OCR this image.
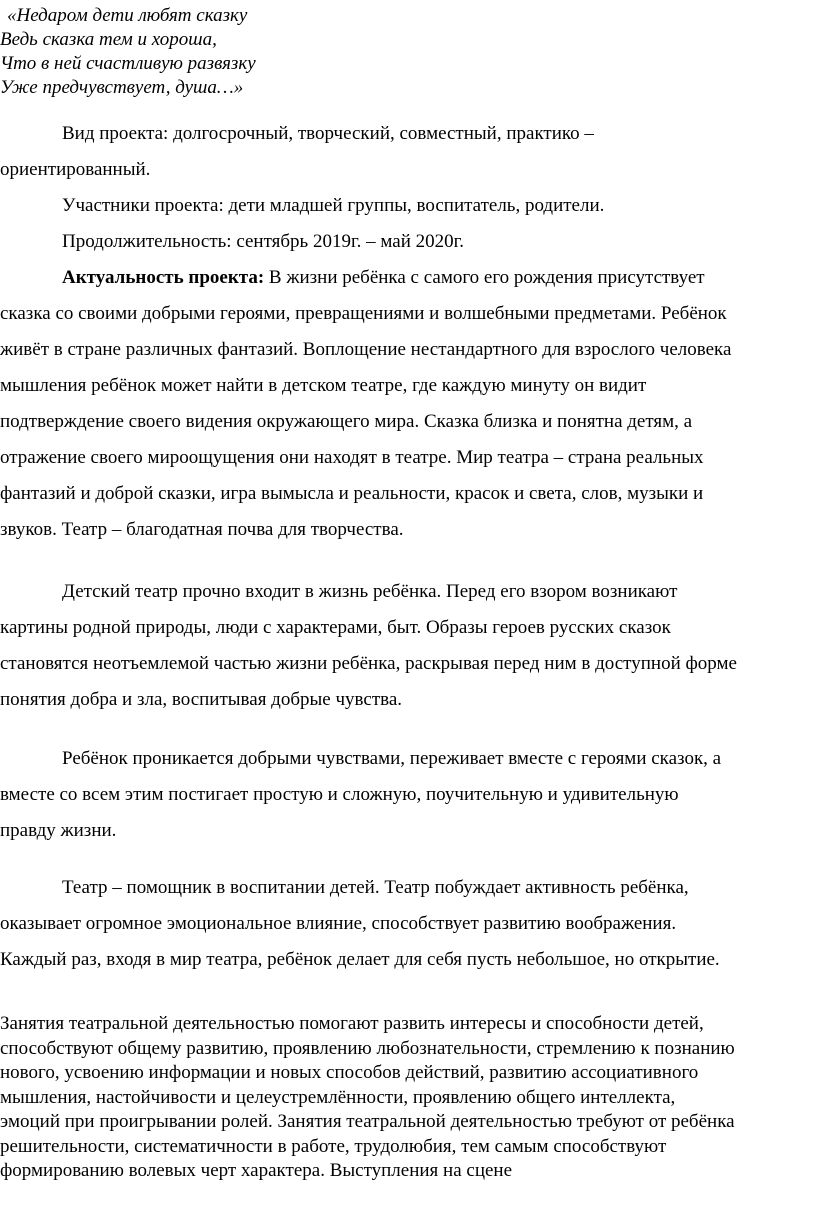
«Недаром дети любят сказку
Ведь сказка тем и хороша,
Что в ней счастливую развязку
Уже предчувствует, душа…»
Вид проекта: долгосрочный, творческий, совместный, практико –
ориентированный.
Участники проекта: дети младшей группы, воспитатель, родители.
Продолжительность: сентябрь 2019г. – май 2020г.
Актуальность проекта: В жизни ребёнка с самого его рождения присутствует
сказка со своими добрыми героями, превращениями и волшебными предметами. Ребёнок
живёт в стране различных фантазий. Воплощение нестандартного для взрослого человека
мышления ребёнок может найти в детском театре, где каждую минуту он видит
подтверждение своего видения окружающего мира. Сказка близка и понятна детям, а
отражение своего мироощущения они находят в театре. Мир театра – страна реальных
фантазий и доброй сказки, игра вымысла и реальности, красок и света, слов, музыки и
звуков. Театр – благодатная почва для творчества.
Детский театр прочно входит в жизнь ребёнка. Перед его взором возникают
картины родной природы, люди с характерами, быт. Образы героев русских сказок
становятся неотъемлемой частью жизни ребёнка, раскрывая перед ним в доступной форме
понятия добра и зла, воспитывая добрые чувства.
Ребёнок проникается добрыми чувствами, переживает вместе с героями сказок, а
вместе со всем этим постигает простую и сложную, поучительную и удивительную
правду жизни.
Театр – помощник в воспитании детей. Театр побуждает активность ребёнка,
оказывает огромное эмоциональное влияние, способствует развитию воображения.
Каждый раз, входя в мир театра, ребёнок делает для себя пусть небольшое, но открытие.
Занятия театральной деятельностью помогают развить интересы и способности детей,
способствуют общему развитию, проявлению любознательности, стремлению к познанию
нового, усвоению информации и новых способов действий, развитию ассоциативного
мышления, настойчивости и целеустремлённости, проявлению общего интеллекта,
эмоций при проигрывании ролей. Занятия театральной деятельностью требуют от ребёнка
решительности, систематичности в работе, трудолюбия, тем самым способствуют
формированию волевых черт характера. Выступления на сцене
